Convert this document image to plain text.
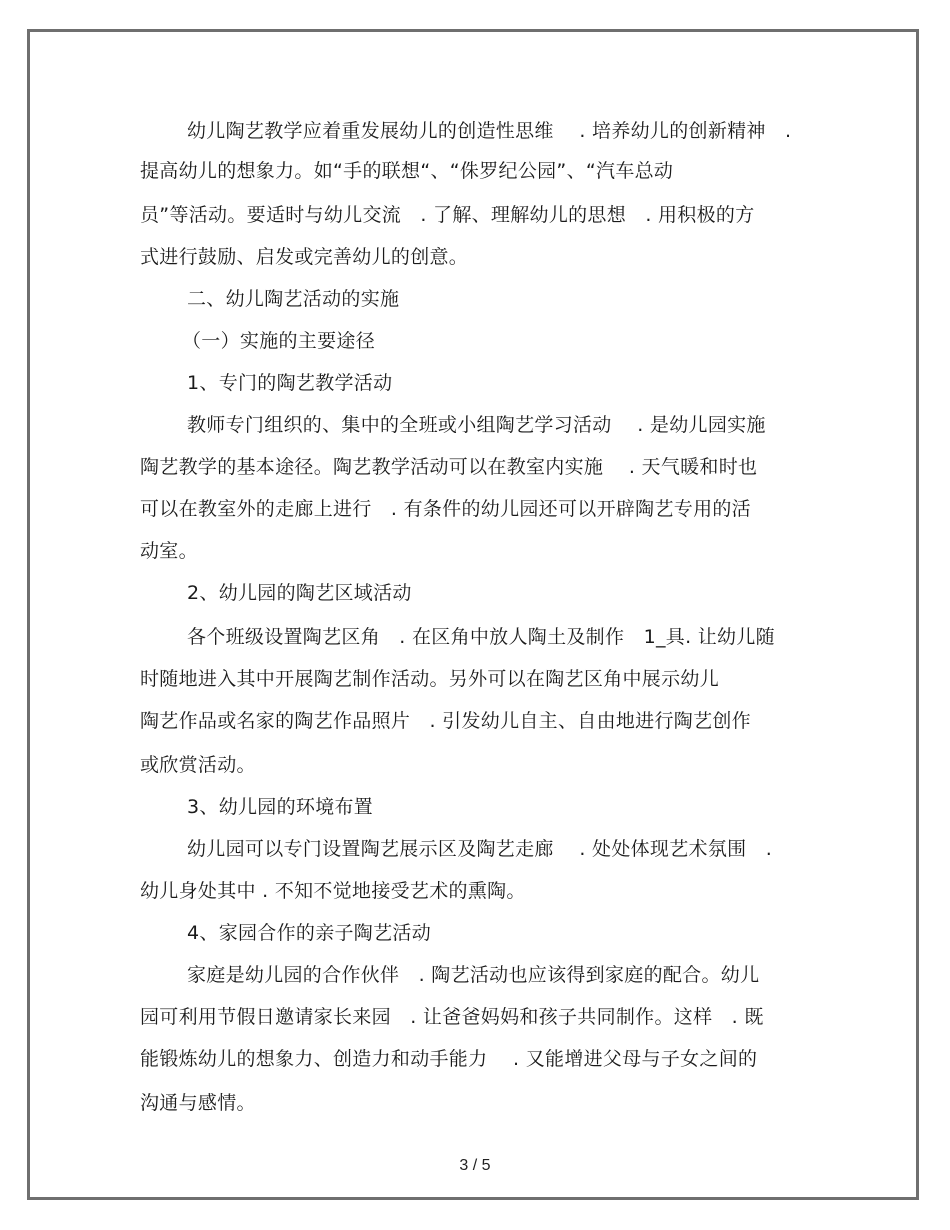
幼儿陶艺教学应着重发展幼儿的创造性思维　 . 培养幼儿的创新精神　.
提高幼儿的想象力。如“手的联想“、“侏罗纪公园”、“汽车总动
员”等活动。要适时与幼儿交流　. 了解、理解幼儿的思想　. 用积极的方
式进行鼓励、启发或完善幼儿的创意。
二、幼儿陶艺活动的实施
（一）实施的主要途径
1、专门的陶艺教学活动
教师专门组织的、集中的全班或小组陶艺学习活动　 . 是幼儿园实施
陶艺教学的基本途径。陶艺教学活动可以在教室内实施　 . 天气暖和时也
可以在教室外的走廊上进行　. 有条件的幼儿园还可以开辟陶艺专用的活
动室。
2、幼儿园的陶艺区域活动
各个班级设置陶艺区角　. 在区角中放人陶土及制作　1_具. 让幼儿随
时随地进入其中开展陶艺制作活动。另外可以在陶艺区角中展示幼儿
陶艺作品或名家的陶艺作品照片　. 引发幼儿自主、自由地进行陶艺创作
或欣赏活动。
3、幼儿园的环境布置
幼儿园可以专门设置陶艺展示区及陶艺走廊　 . 处处体现艺术氛围　.
幼儿身处其中 . 不知不觉地接受艺术的熏陶。
4、家园合作的亲子陶艺活动
家庭是幼儿园的合作伙伴　. 陶艺活动也应该得到家庭的配合。幼儿
园可利用节假日邀请家长来园　. 让爸爸妈妈和孩子共同制作。这样　. 既
能锻炼幼儿的想象力、创造力和动手能力　 . 又能增进父母与子女之间的
沟通与感情。
3 / 5
